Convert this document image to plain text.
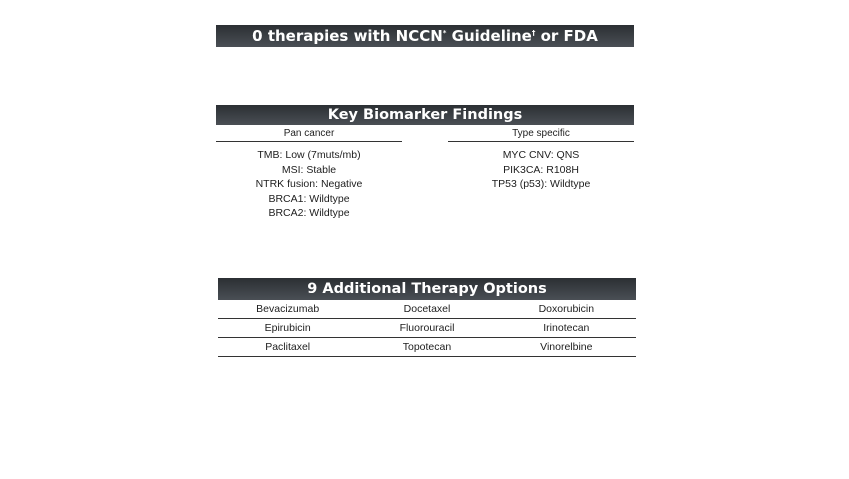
0 therapies with NCCN* Guideline† or FDA approval
Key Biomarker Findings
Pan cancer
TMB: Low (7muts/mb)
MSI: Stable
NTRK fusion: Negative
BRCA1: Wildtype
BRCA2: Wildtype
Type specific
MYC CNV: QNS
PIK3CA: R108H
TP53 (p53): Wildtype
9 Additional Therapy Options
Bevacizumab	Docetaxel	Doxorubicin
Epirubicin	Fluorouracil	Irinotecan
Paclitaxel	Topotecan	Vinorelbine
